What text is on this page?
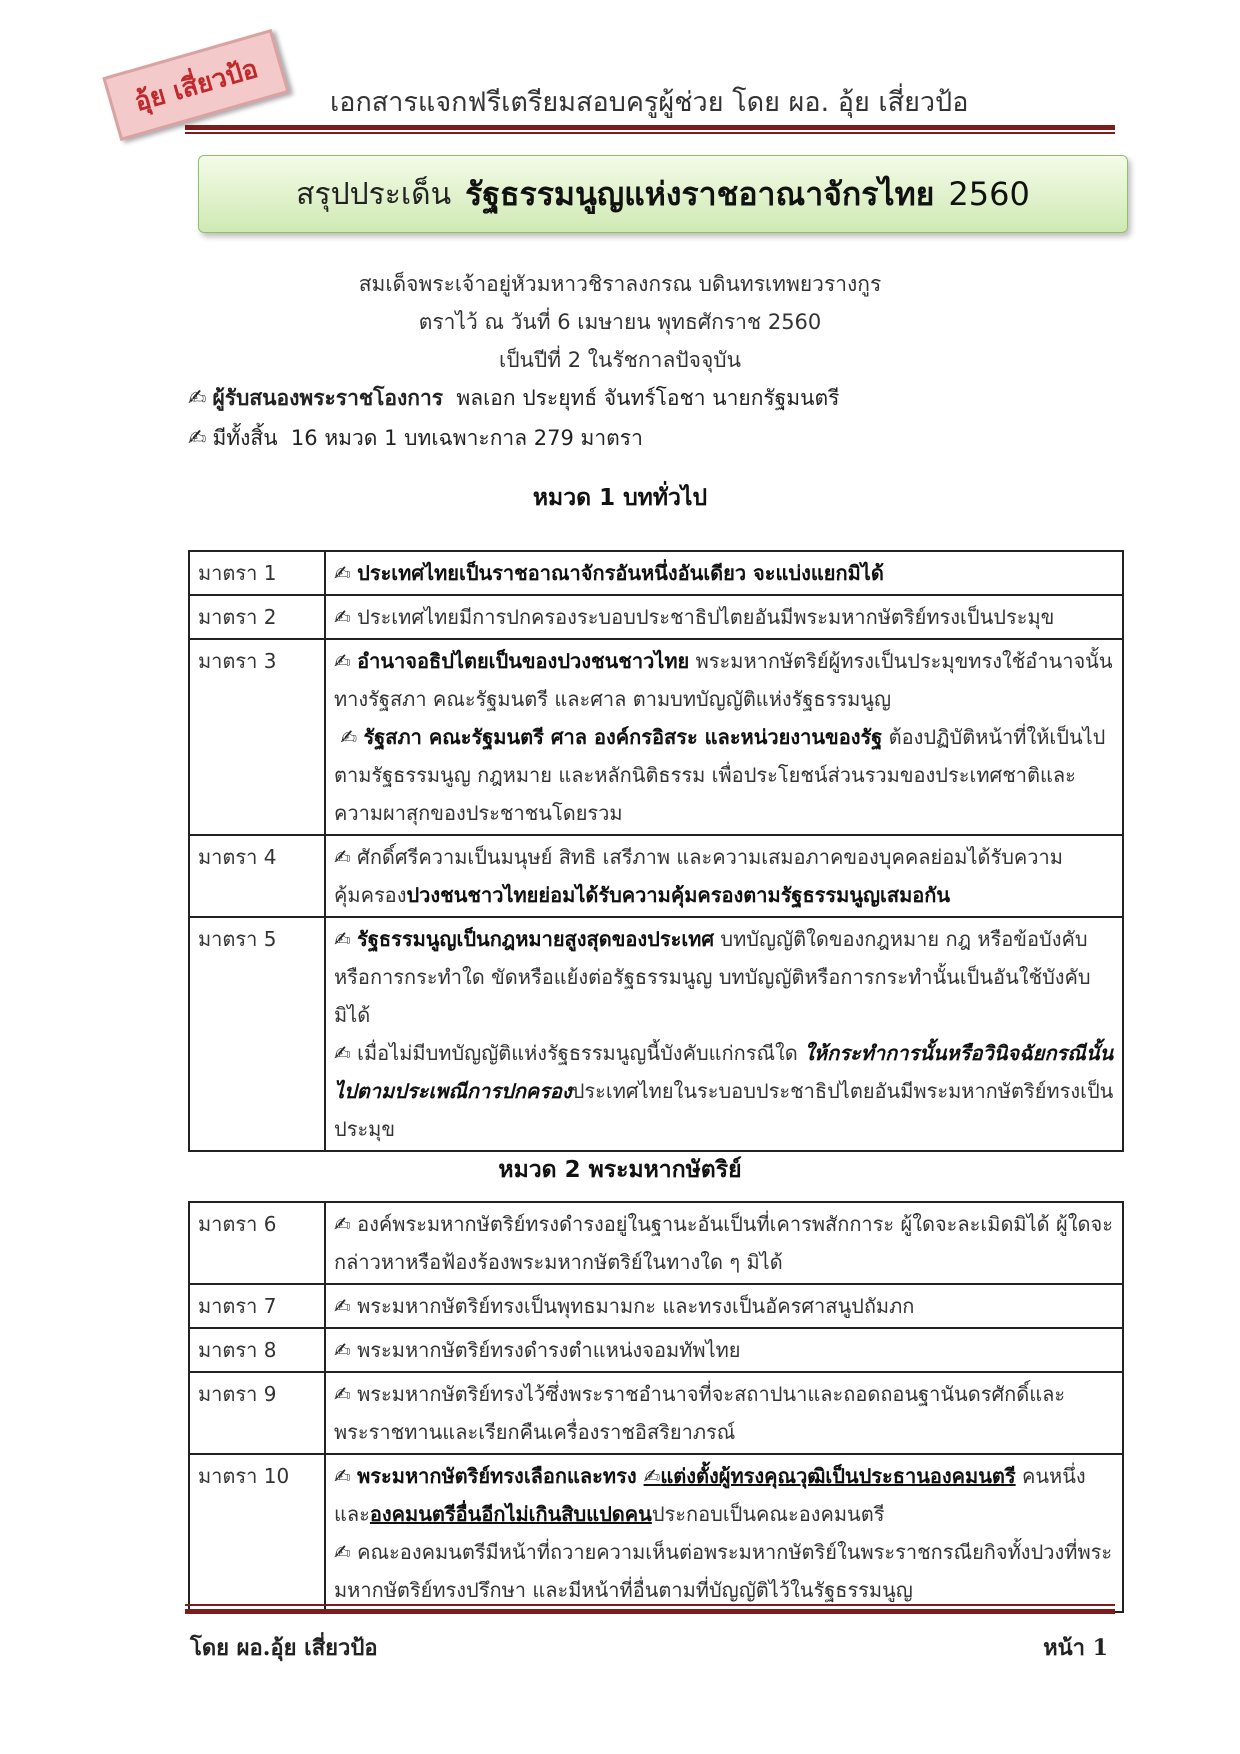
อุ้ย เสี่ยวป้อ	เอกสารแจกฟรีเตรียมสอบครูผู้ช่วย โดย ผอ. อุ้ย เสี่ยวป้อ
สรุปประเด็น รัฐธรรมนูญแห่งราชอาณาจักรไทย 2560
สมเด็จพระเจ้าอยู่หัวมหาวชิราลงกรณ บดินทรเทพยวรางกูร
ตราไว้ ณ วันที่ 6 เมษายน พุทธศักราช 2560
เป็นปีที่ 2 ในรัชกาลปัจจุบัน
✍ ผู้รับสนองพระราชโองการ พลเอก ประยุทธ์ จันทร์โอชา นายกรัฐมนตรี
✍ มีทั้งสิ้น 16 หมวด 1 บทเฉพาะกาล 279 มาตรา
หมวด 1 บททั่วไป
มาตรา 1	✍ ประเทศไทยเป็นราชอาณาจักรอันหนึ่งอันเดียว จะแบ่งแยกมิได้
มาตรา 2	✍ ประเทศไทยมีการปกครองระบอบประชาธิปไตยอันมีพระมหากษัตริย์ทรงเป็นประมุข
มาตรา 3	✍ อำนาจอธิปไตยเป็นของปวงชนชาวไทย พระมหากษัตริย์ผู้ทรงเป็นประมุขทรงใช้อำนาจนั้นทางรัฐสภา คณะรัฐมนตรี และศาล ตามบทบัญญัติแห่งรัฐธรรมนูญ
✍ รัฐสภา คณะรัฐมนตรี ศาล องค์กรอิสระ และหน่วยงานของรัฐ ต้องปฏิบัติหน้าที่ให้เป็นไปตามรัฐธรรมนูญ กฎหมาย และหลักนิติธรรม เพื่อประโยชน์ส่วนรวมของประเทศชาติและความผาสุกของประชาชนโดยรวม
มาตรา 4	✍ ศักดิ์ศรีความเป็นมนุษย์ สิทธิ เสรีภาพ และความเสมอภาคของบุคคลย่อมได้รับความคุ้มครองปวงชนชาวไทยย่อมได้รับความคุ้มครองตามรัฐธรรมนูญเสมอกัน
มาตรา 5	✍ รัฐธรรมนูญเป็นกฎหมายสูงสุดของประเทศ บทบัญญัติใดของกฎหมาย กฎ หรือข้อบังคับ หรือการกระทำใด ขัดหรือแย้งต่อรัฐธรรมนูญ บทบัญญัติหรือการกระทำนั้นเป็นอันใช้บังคับมิได้
✍ เมื่อไม่มีบทบัญญัติแห่งรัฐธรรมนูญนี้บังคับแก่กรณีใด ให้กระทำการนั้นหรือวินิจฉัยกรณีนั้นไปตามประเพณีการปกครองประเทศไทยในระบอบประชาธิปไตยอันมีพระมหากษัตริย์ทรงเป็นประมุข
หมวด 2 พระมหากษัตริย์
มาตรา 6	✍ องค์พระมหากษัตริย์ทรงดำรงอยู่ในฐานะอันเป็นที่เคารพสักการะ ผู้ใดจะละเมิดมิได้ ผู้ใดจะกล่าวหาหรือฟ้องร้องพระมหากษัตริย์ในทางใด ๆ มิได้
มาตรา 7	✍ พระมหากษัตริย์ทรงเป็นพุทธมามกะ และทรงเป็นอัครศาสนูปถัมภก
มาตรา 8	✍ พระมหากษัตริย์ทรงดำรงตำแหน่งจอมทัพไทย
มาตรา 9	✍ พระมหากษัตริย์ทรงไว้ซึ่งพระราชอำนาจที่จะสถาปนาและถอดถอนฐานันดรศักดิ์และพระราชทานและเรียกคืนเครื่องราชอิสริยาภรณ์
มาตรา 10	✍ พระมหากษัตริย์ทรงเลือกและทรง ✍แต่งตั้งผู้ทรงคุณวุฒิเป็นประธานองคมนตรี คนหนึ่งและองคมนตรีอื่นอีกไม่เกินสิบแปดคนประกอบเป็นคณะองคมนตรี
✍ คณะองคมนตรีมีหน้าที่ถวายความเห็นต่อพระมหากษัตริย์ในพระราชกรณียกิจทั้งปวงที่พระมหากษัตริย์ทรงปรึกษา และมีหน้าที่อื่นตามที่บัญญัติไว้ในรัฐธรรมนูญ
โดย ผอ.อุ้ย เสี่ยวป้อ	หน้า 1
